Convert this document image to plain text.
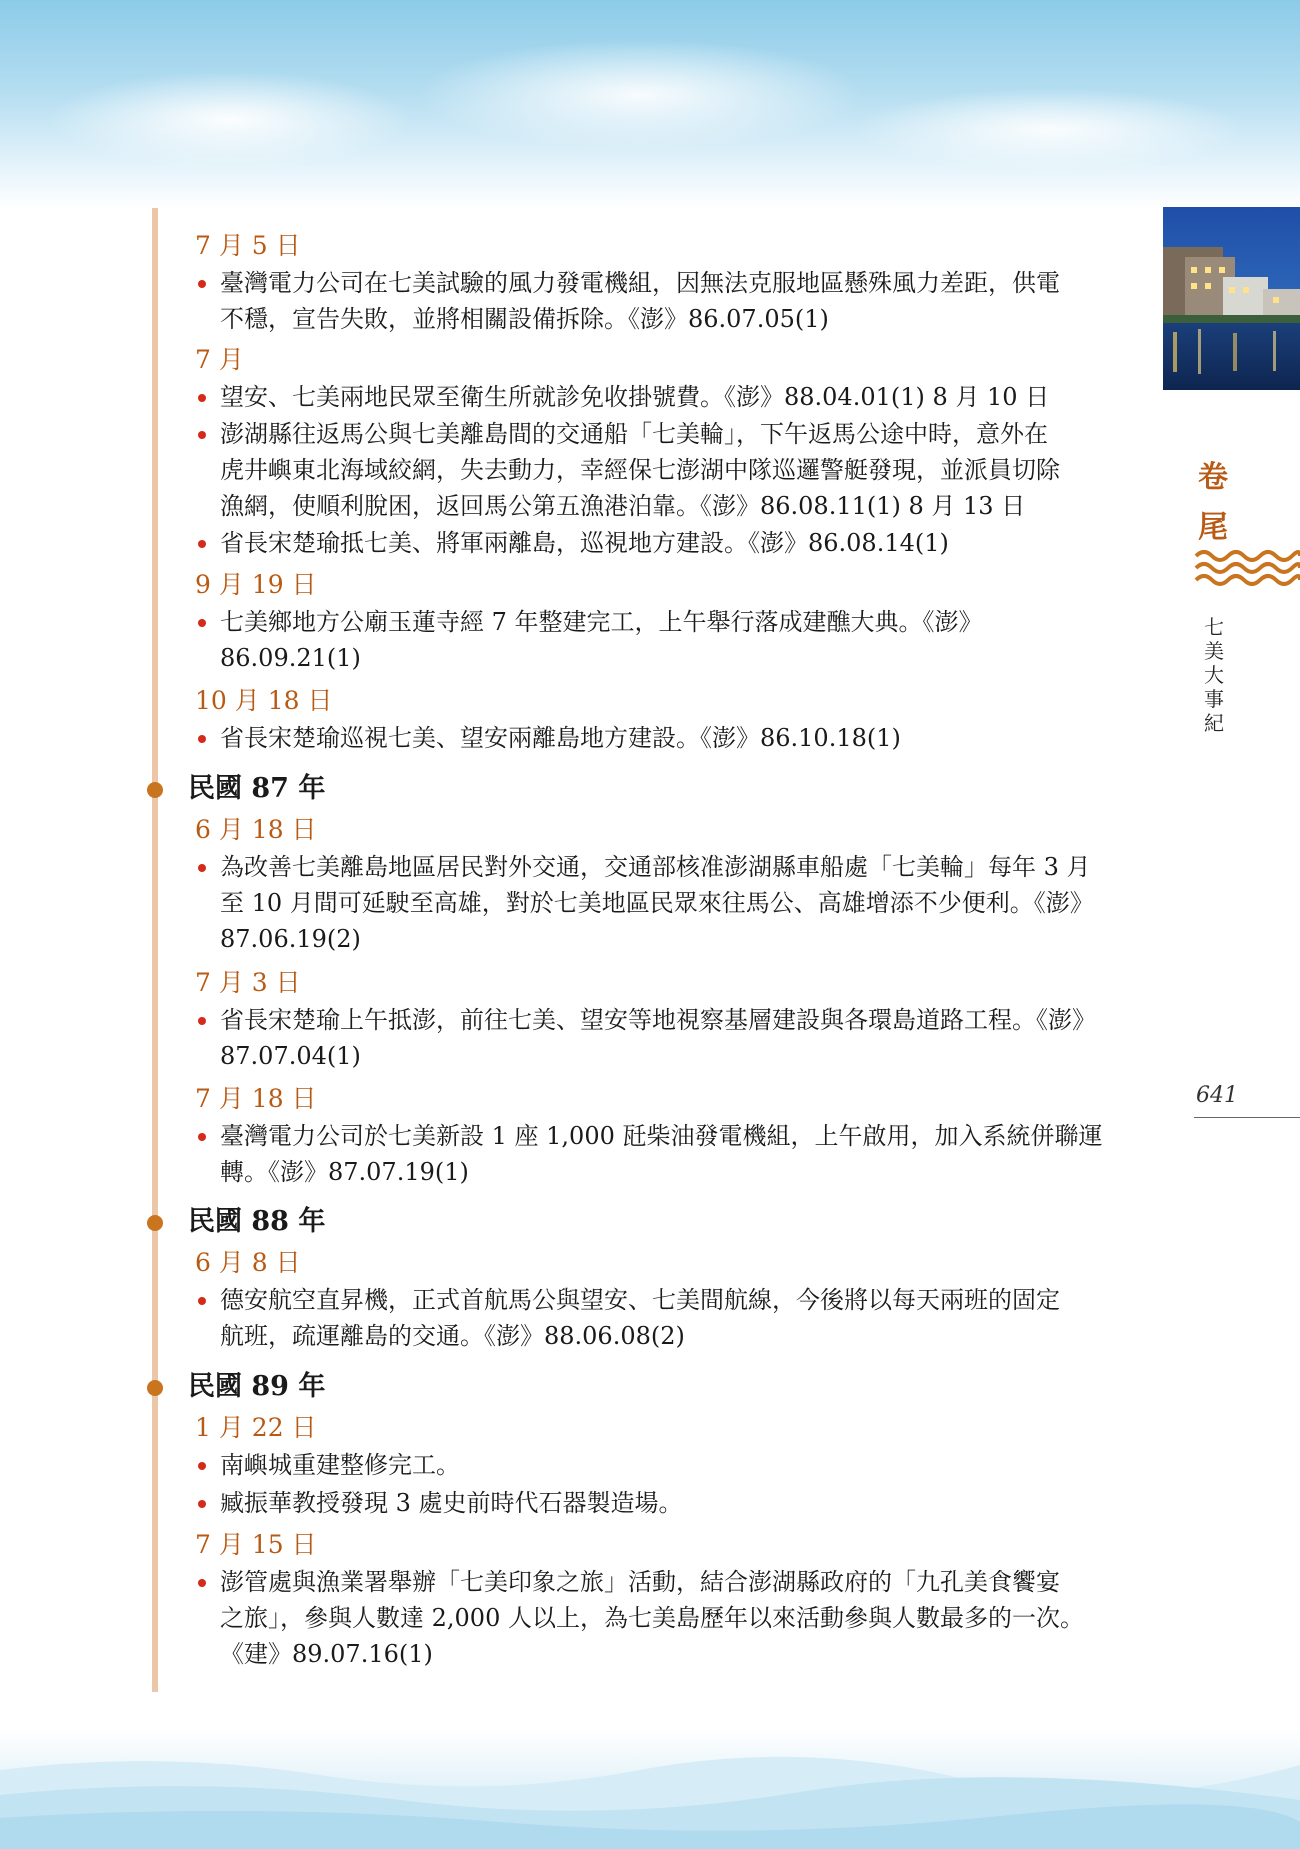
7 月 5 日
臺灣電力公司在七美試驗的風力發電機組，因無法克服地區懸殊風力差距，供電
不穩，宣告失敗，並將相關設備拆除。《澎》86.07.05(1)
7 月
望安、七美兩地民眾至衛生所就診免收掛號費。《澎》88.04.01(1) 8 月 10 日
澎湖縣往返馬公與七美離島間的交通船「七美輪」，下午返馬公途中時，意外在
虎井嶼東北海域絞網，失去動力，幸經保七澎湖中隊巡邏警艇發現，並派員切除
漁網，使順利脫困，返回馬公第五漁港泊靠。《澎》86.08.11(1) 8 月 13 日
省長宋楚瑜抵七美、將軍兩離島，巡視地方建設。《澎》86.08.14(1)
9 月 19 日
七美鄉地方公廟玉蓮寺經 7 年整建完工，上午舉行落成建醮大典。《澎》
86.09.21(1)
10 月 18 日
省長宋楚瑜巡視七美、望安兩離島地方建設。《澎》86.10.18(1)
民國 87 年
6 月 18 日
為改善七美離島地區居民對外交通，交通部核准澎湖縣車船處「七美輪」每年 3 月
至 10 月間可延駛至高雄，對於七美地區民眾來往馬公、高雄增添不少便利。《澎》
87.06.19(2)
7 月 3 日
省長宋楚瑜上午抵澎，前往七美、望安等地視察基層建設與各環島道路工程。《澎》
87.07.04(1)
7 月 18 日
臺灣電力公司於七美新設 1 座 1,000 瓩柴油發電機組，上午啟用，加入系統併聯運
轉。《澎》87.07.19(1)
民國 88 年
6 月 8 日
德安航空直昇機，正式首航馬公與望安、七美間航線，今後將以每天兩班的固定
航班，疏運離島的交通。《澎》88.06.08(2)
民國 89 年
1 月 22 日
南嶼城重建整修完工。
臧振華教授發現 3 處史前時代石器製造場。
7 月 15 日
澎管處與漁業署舉辦「七美印象之旅」活動，結合澎湖縣政府的「九孔美食饗宴
之旅」，參與人數達 2,000 人以上，為七美島歷年以來活動參與人數最多的一次。
《建》89.07.16(1)
卷
尾
七
美
大
事
紀
641
